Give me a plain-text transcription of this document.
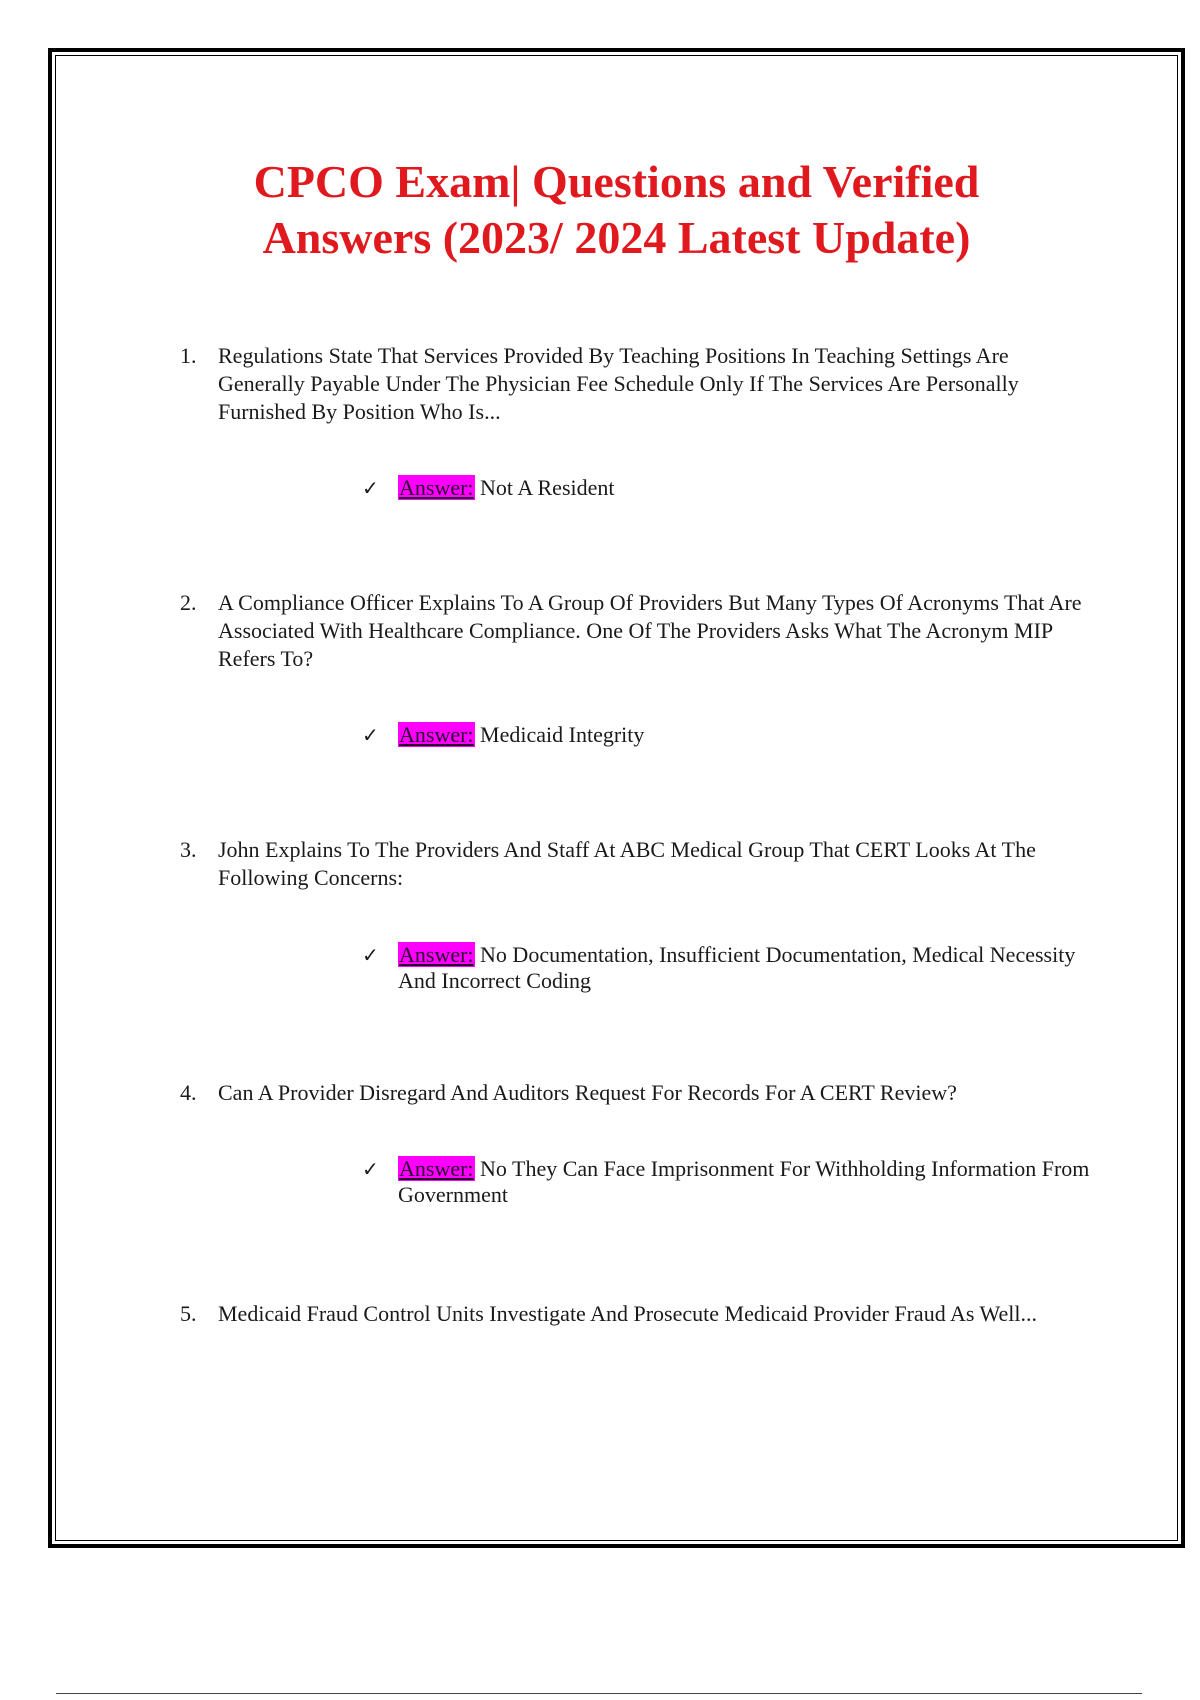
CPCO Exam| Questions and Verified
Answers (2023/ 2024 Latest Update)

1. Regulations State That Services Provided By Teaching Positions In Teaching Settings Are Generally Payable Under The Physician Fee Schedule Only If The Services Are Personally Furnished By Position Who Is...

✓ Answer: Not A Resident

2. A Compliance Officer Explains To A Group Of Providers But Many Types Of Acronyms That Are Associated With Healthcare Compliance. One Of The Providers Asks What The Acronym MIP Refers To?

✓ Answer: Medicaid Integrity

3. John Explains To The Providers And Staff At ABC Medical Group That CERT Looks At The Following Concerns:

✓ Answer: No Documentation, Insufficient Documentation, Medical Necessity And Incorrect Coding

4. Can A Provider Disregard And Auditors Request For Records For A CERT Review?

✓ Answer: No They Can Face Imprisonment For Withholding Information From Government

5. Medicaid Fraud Control Units Investigate And Prosecute Medicaid Provider Fraud As Well...
